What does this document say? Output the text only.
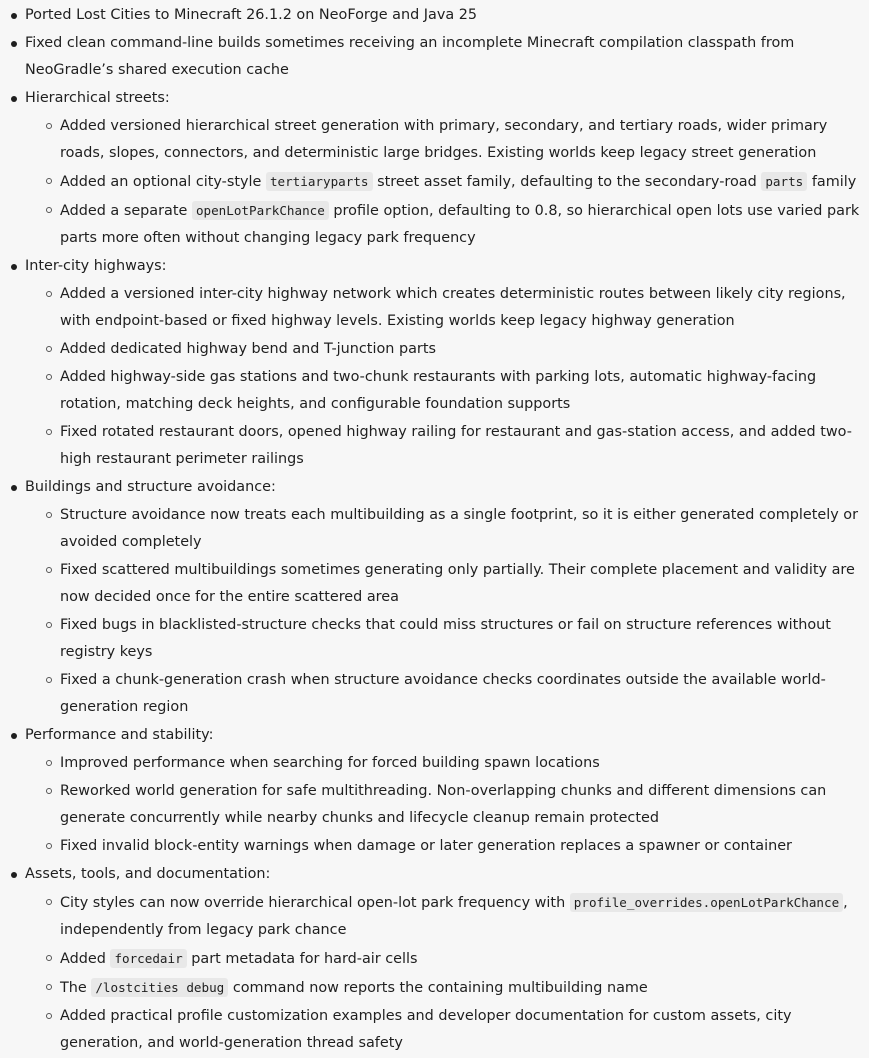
Ported Lost Cities to Minecraft 26.1.2 on NeoForge and Java 25
Fixed clean command-line builds sometimes receiving an incomplete Minecraft compilation classpath from NeoGradle’s shared execution cache
Hierarchical streets:
Added versioned hierarchical street generation with primary, secondary, and tertiary roads, wider primary roads, slopes, connectors, and deterministic large bridges. Existing worlds keep legacy street generation
Added an optional city-style tertiaryparts street asset family, defaulting to the secondary-road parts family
Added a separate openLotParkChance profile option, defaulting to 0.8, so hierarchical open lots use varied park parts more often without changing legacy park frequency
Inter-city highways:
Added a versioned inter-city highway network which creates deterministic routes between likely city regions, with endpoint-based or fixed highway levels. Existing worlds keep legacy highway generation
Added dedicated highway bend and T-junction parts
Added highway-side gas stations and two-chunk restaurants with parking lots, automatic highway-facing rotation, matching deck heights, and configurable foundation supports
Fixed rotated restaurant doors, opened highway railing for restaurant and gas-station access, and added two-high restaurant perimeter railings
Buildings and structure avoidance:
Structure avoidance now treats each multibuilding as a single footprint, so it is either generated completely or avoided completely
Fixed scattered multibuildings sometimes generating only partially. Their complete placement and validity are now decided once for the entire scattered area
Fixed bugs in blacklisted-structure checks that could miss structures or fail on structure references without registry keys
Fixed a chunk-generation crash when structure avoidance checks coordinates outside the available world-generation region
Performance and stability:
Improved performance when searching for forced building spawn locations
Reworked world generation for safe multithreading. Non-overlapping chunks and different dimensions can generate concurrently while nearby chunks and lifecycle cleanup remain protected
Fixed invalid block-entity warnings when damage or later generation replaces a spawner or container
Assets, tools, and documentation:
City styles can now override hierarchical open-lot park frequency with profile_overrides.openLotParkChance , independently from legacy park chance
Added forcedair part metadata for hard-air cells
The /lostcities debug command now reports the containing multibuilding name
Added practical profile customization examples and developer documentation for custom assets, city generation, and world-generation thread safety
